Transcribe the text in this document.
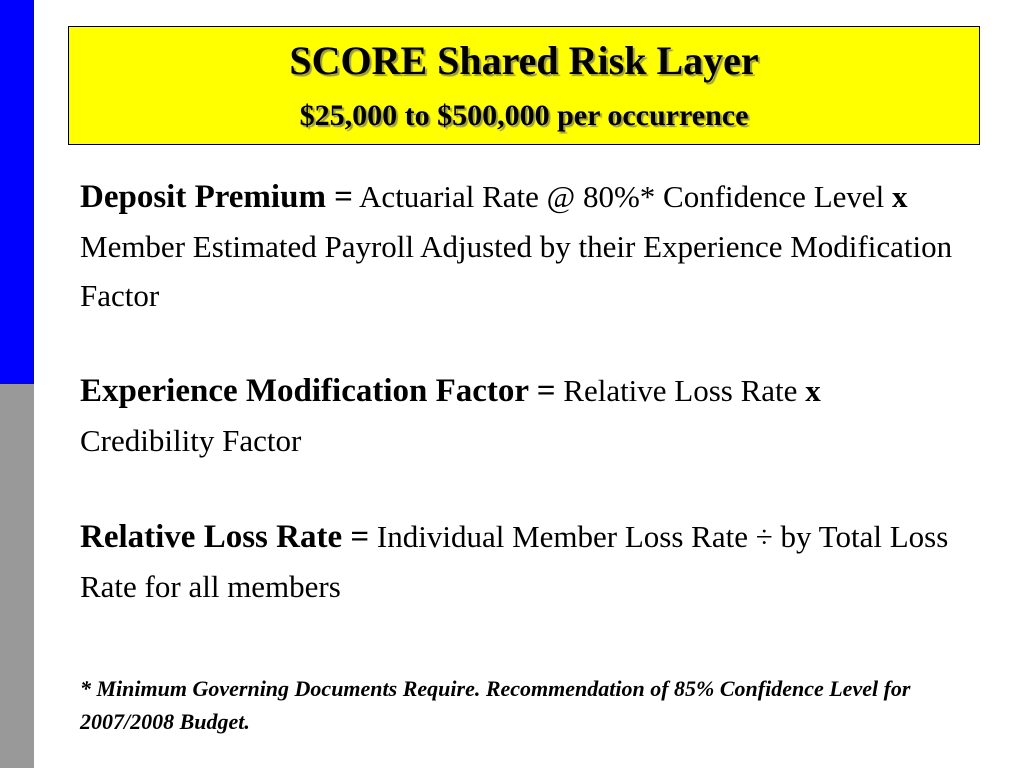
SCORE Shared Risk Layer
$25,000 to $500,000 per occurrence

Deposit Premium = Actuarial Rate @ 80%* Confidence Level x Member Estimated Payroll Adjusted by their Experience Modification Factor

Experience Modification Factor = Relative Loss Rate x Credibility Factor

Relative Loss Rate = Individual Member Loss Rate ÷ by Total Loss Rate for all members

* Minimum Governing Documents Require. Recommendation of 85% Confidence Level for 2007/2008 Budget.
